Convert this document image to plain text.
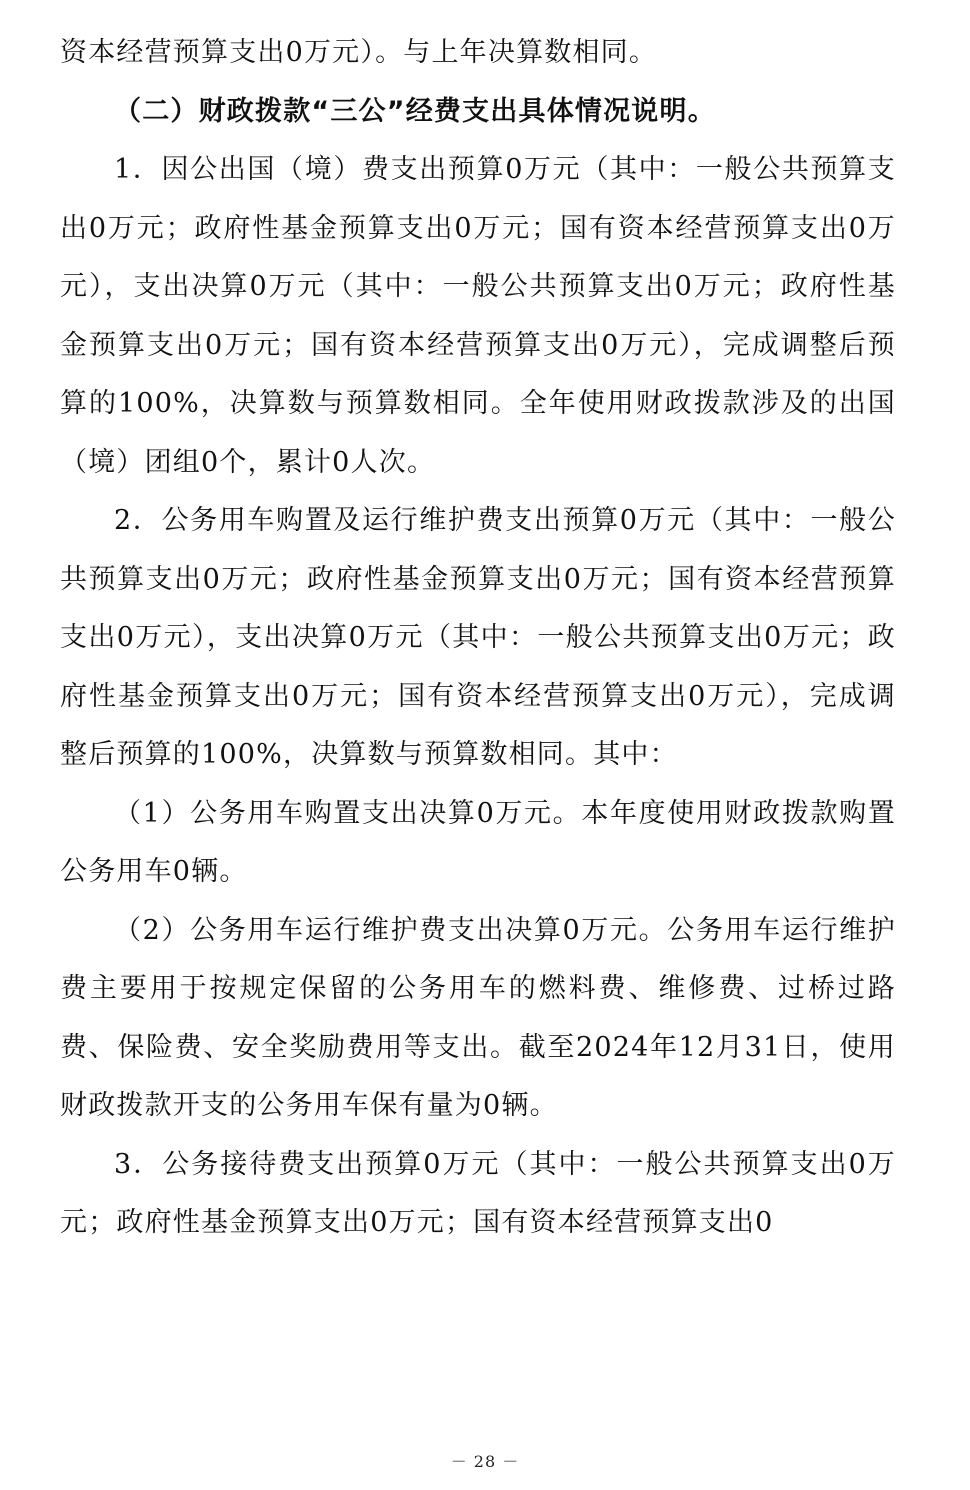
资本经营预算支出0万元）。与上年决算数相同。

（二）财政拨款“三公”经费支出具体情况说明。

1．因公出国（境）费支出预算0万元（其中：一般公共预算支出0万元；政府性基金预算支出0万元；国有资本经营预算支出0万元），支出决算0万元（其中：一般公共预算支出0万元；政府性基金预算支出0万元；国有资本经营预算支出0万元），完成调整后预算的100%，决算数与预算数相同。全年使用财政拨款涉及的出国（境）团组0个，累计0人次。

2．公务用车购置及运行维护费支出预算0万元（其中：一般公共预算支出0万元；政府性基金预算支出0万元；国有资本经营预算支出0万元），支出决算0万元（其中：一般公共预算支出0万元；政府性基金预算支出0万元；国有资本经营预算支出0万元），完成调整后预算的100%，决算数与预算数相同。其中：

（1）公务用车购置支出决算0万元。本年度使用财政拨款购置公务用车0辆。

（2）公务用车运行维护费支出决算0万元。公务用车运行维护费主要用于按规定保留的公务用车的燃料费、维修费、过桥过路费、保险费、安全奖励费用等支出。截至2024年12月31日，使用财政拨款开支的公务用车保有量为0辆。

3．公务接待费支出预算0万元（其中：一般公共预算支出0万元；政府性基金预算支出0万元；国有资本经营预算支出0

－ 28 －
